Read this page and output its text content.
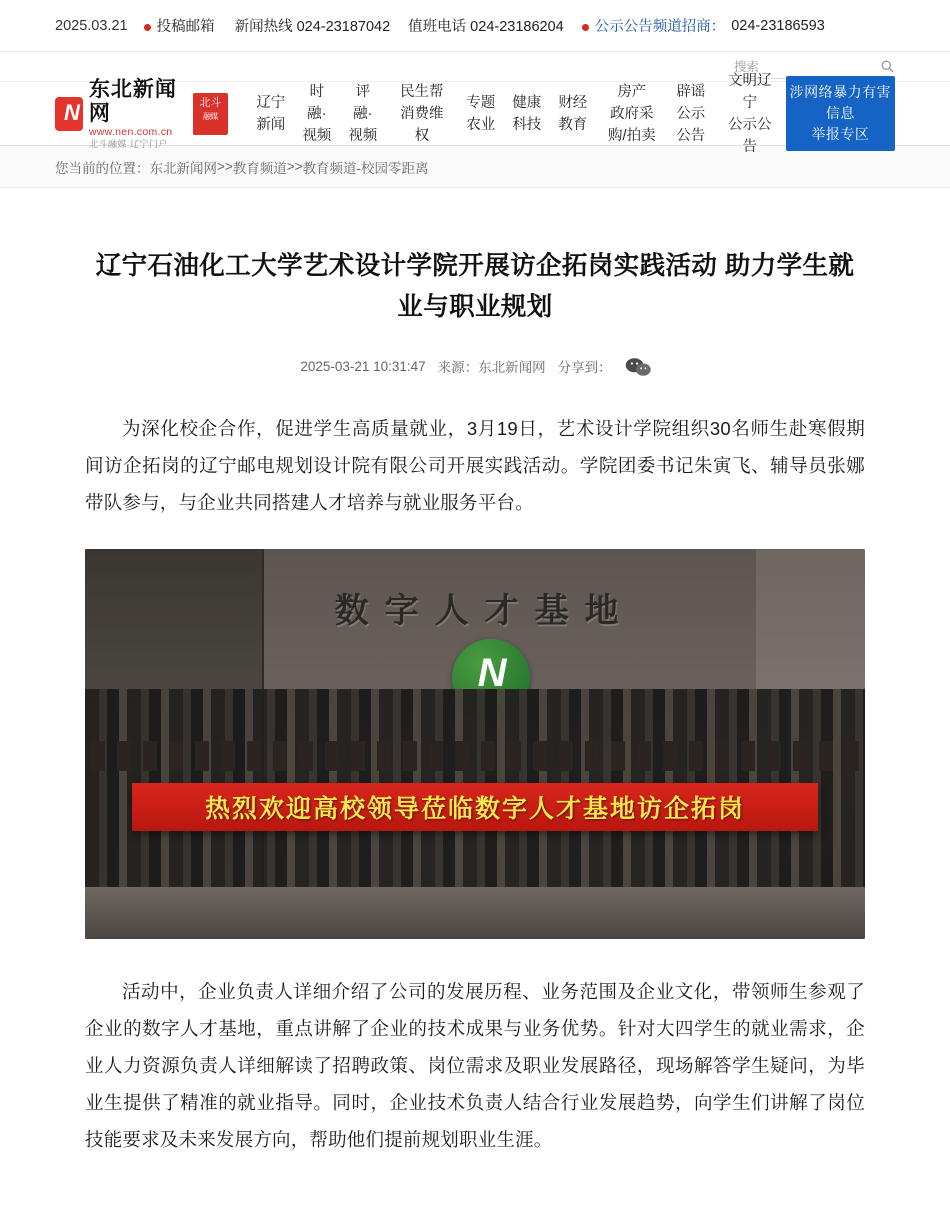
2025.03.21	投稿邮箱 新闻热线 024-23187042 值班电话 024-23186204	公示公告频道招商： 024-23186593
搜索
N
东北新闻网
www.nen.com.cn
北斗融媒 辽宁门户
北斗
融媒
辽宁
新闻
时
融·视频
评
融·视频
民生帮
消费维权
专题
农业
健康
科技
财经
教育
房产
政府采购/拍卖
辟谣
公示公告
文明辽宁
公示公告
涉网络暴力有害信息
举报专区
您当前的位置： 东北新闻网 >> 教育频道 >> 教育频道-校园零距离
辽宁石油化工大学艺术设计学院开展访企拓岗实践活动 助力学生就业与职业规划
2025-03-21 10:31:47 来源：东北新闻网 分享到：

为深化校企合作，促进学生高质量就业，3月19日，艺术设计学院组织30名师生赴寒假期间访企拓岗的辽宁邮电规划设计院有限公司开展实践活动。学院团委书记朱寅飞、辅导员张娜带队参与，与企业共同搭建人才培养与就业服务平台。

数字人才基地
N
热烈欢迎高校领导莅临数字人才基地访企拓岗

活动中，企业负责人详细介绍了公司的发展历程、业务范围及企业文化，带领师生参观了企业的数字人才基地，重点讲解了企业的技术成果与业务优势。针对大四学生的就业需求，企业人力资源负责人详细解读了招聘政策、岗位需求及职业发展路径，现场解答学生疑问，为毕业生提供了精准的就业指导。同时，企业技术负责人结合行业发展趋势，向学生们讲解了岗位技能要求及未来发展方向，帮助他们提前规划职业生涯。
